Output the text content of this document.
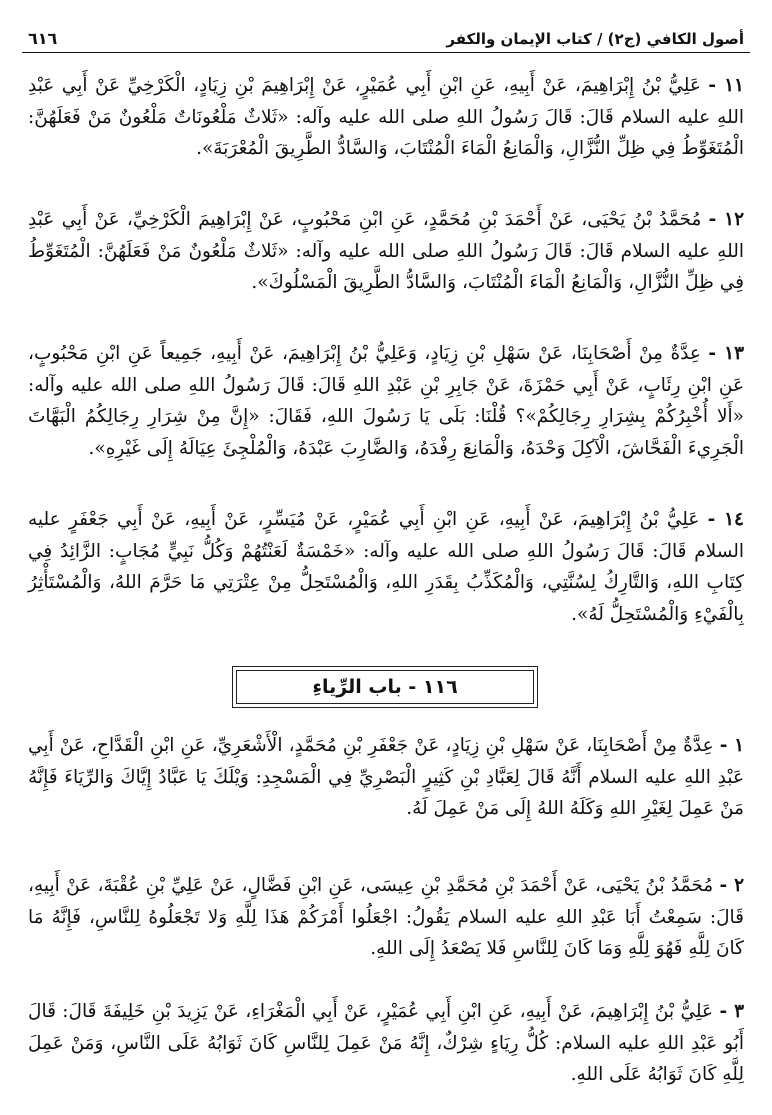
أصول الكافي (ج٢) / كتاب الإيمان والكفر
٦١٦

١١ - عَلِيُّ بْنُ إِبْرَاهِيمَ، عَنْ أَبِيهِ، عَنِ ابْنِ أَبِي عُمَيْرٍ، عَنْ إِبْرَاهِيمَ بْنِ زِيَادٍ، الْكَرْخِيِّ عَنْ أَبِي عَبْدِ اللهِ عليه السلام قَالَ: قَالَ رَسُولُ اللهِ صلى الله عليه وآله: «ثَلاثٌ مَلْعُونَاتٌ مَلْعُونٌ مَنْ فَعَلَهُنَّ: الْمُتَغَوِّطُ فِي ظِلِّ النُّزَّالِ، وَالْمَانِعُ الْمَاءَ الْمُنْتَابَ، وَالسَّادُّ الطَّرِيقَ الْمُعْرَبَةَ».

١٢ - مُحَمَّدُ بْنُ يَحْيَى، عَنْ أَحْمَدَ بْنِ مُحَمَّدٍ، عَنِ ابْنِ مَحْبُوبٍ، عَنْ إِبْرَاهِيمَ الْكَرْخِيِّ، عَنْ أَبِي عَبْدِ اللهِ عليه السلام قَالَ: قَالَ رَسُولُ اللهِ صلى الله عليه وآله: «ثَلاثٌ مَلْعُونٌ مَنْ فَعَلَهُنَّ: الْمُتَغَوِّطُ فِي ظِلِّ النُّزَّالِ، وَالْمَانِعُ الْمَاءَ الْمُنْتَابَ، وَالسَّادُّ الطَّرِيقَ الْمَسْلُوكَ».

١٣ - عِدَّةٌ مِنْ أَصْحَابِنَا، عَنْ سَهْلِ بْنِ زِيَادٍ، وَعَلِيُّ بْنُ إِبْرَاهِيمَ، عَنْ أَبِيهِ، جَمِيعاً عَنِ ابْنِ مَحْبُوبٍ، عَنِ ابْنِ رِئَابٍ، عَنْ أَبِي حَمْزَةَ، عَنْ جَابِرِ بْنِ عَبْدِ اللهِ قَالَ: قَالَ رَسُولُ اللهِ صلى الله عليه وآله: «أَلا أُخْبِرُكُمْ بِشِرَارِ رِجَالِكُمْ»؟ قُلْنَا: بَلَى يَا رَسُولَ اللهِ، فَقَالَ: «إِنَّ مِنْ شِرَارِ رِجَالِكُمُ الْبَهَّاتَ الْجَرِيءَ الْفَحَّاشَ، الْآكِلَ وَحْدَهُ، وَالْمَانِعَ رِفْدَهُ، وَالضَّارِبَ عَبْدَهُ، وَالْمُلْجِئَ عِيَالَهُ إِلَى غَيْرِهِ».

١٤ - عَلِيُّ بْنُ إِبْرَاهِيمَ، عَنْ أَبِيهِ، عَنِ ابْنِ أَبِي عُمَيْرٍ، عَنْ مُيَسِّرٍ، عَنْ أَبِيهِ، عَنْ أَبِي جَعْفَرٍ عليه السلام قَالَ: قَالَ رَسُولُ اللهِ صلى الله عليه وآله: «خَمْسَةٌ لَعَنْتُهُمْ وَكُلُّ نَبِيٍّ مُجَابٍ: الزَّائِدُ فِي كِتَابِ اللهِ، وَالتَّارِكُ لِسُنَّتِي، وَالْمُكَذِّبُ بِقَدَرِ اللهِ، وَالْمُسْتَحِلُّ مِنْ عِتْرَتِي مَا حَرَّمَ اللهُ، وَالْمُسْتَأْثِرُ بِالْفَيْءِ وَالْمُسْتَحِلُّ لَهُ».

١١٦ - باب الرِّياءِ

١ - عِدَّةٌ مِنْ أَصْحَابِنَا، عَنْ سَهْلِ بْنِ زِيَادٍ، عَنْ جَعْفَرِ بْنِ مُحَمَّدٍ، الْأَشْعَرِيِّ، عَنِ ابْنِ الْقَدَّاحِ، عَنْ أَبِي عَبْدِ اللهِ عليه السلام أَنَّهُ قَالَ لِعَبَّادِ بْنِ كَثِيرٍ الْبَصْرِيِّ فِي الْمَسْجِدِ: وَيْلَكَ يَا عَبَّادُ إِيَّاكَ وَالرِّيَاءَ فَإِنَّهُ مَنْ عَمِلَ لِغَيْرِ اللهِ وَكَلَهُ اللهُ إِلَى مَنْ عَمِلَ لَهُ.

٢ - مُحَمَّدُ بْنُ يَحْيَى، عَنْ أَحْمَدَ بْنِ مُحَمَّدِ بْنِ عِيسَى، عَنِ ابْنِ فَضَّالٍ، عَنْ عَلِيِّ بْنِ عُقْبَةَ، عَنْ أَبِيهِ، قَالَ: سَمِعْتُ أَبَا عَبْدِ اللهِ عليه السلام يَقُولُ: اجْعَلُوا أَمْرَكُمْ هَذَا لِلَّهِ وَلا تَجْعَلُوهُ لِلنَّاسِ، فَإِنَّهُ مَا كَانَ لِلَّهِ فَهُوَ لِلَّهِ وَمَا كَانَ لِلنَّاسِ فَلا يَصْعَدُ إِلَى اللهِ.

٣ - عَلِيُّ بْنُ إِبْرَاهِيمَ، عَنْ أَبِيهِ، عَنِ ابْنِ أَبِي عُمَيْرٍ، عَنْ أَبِي الْمَغْرَاءِ، عَنْ يَزِيدَ بْنِ خَلِيفَةَ قَالَ: قَالَ أَبُو عَبْدِ اللهِ عليه السلام: كُلُّ رِيَاءٍ شِرْكٌ، إِنَّهُ مَنْ عَمِلَ لِلنَّاسِ كَانَ ثَوَابُهُ عَلَى النَّاسِ، وَمَنْ عَمِلَ لِلَّهِ كَانَ ثَوَابُهُ عَلَى اللهِ.
